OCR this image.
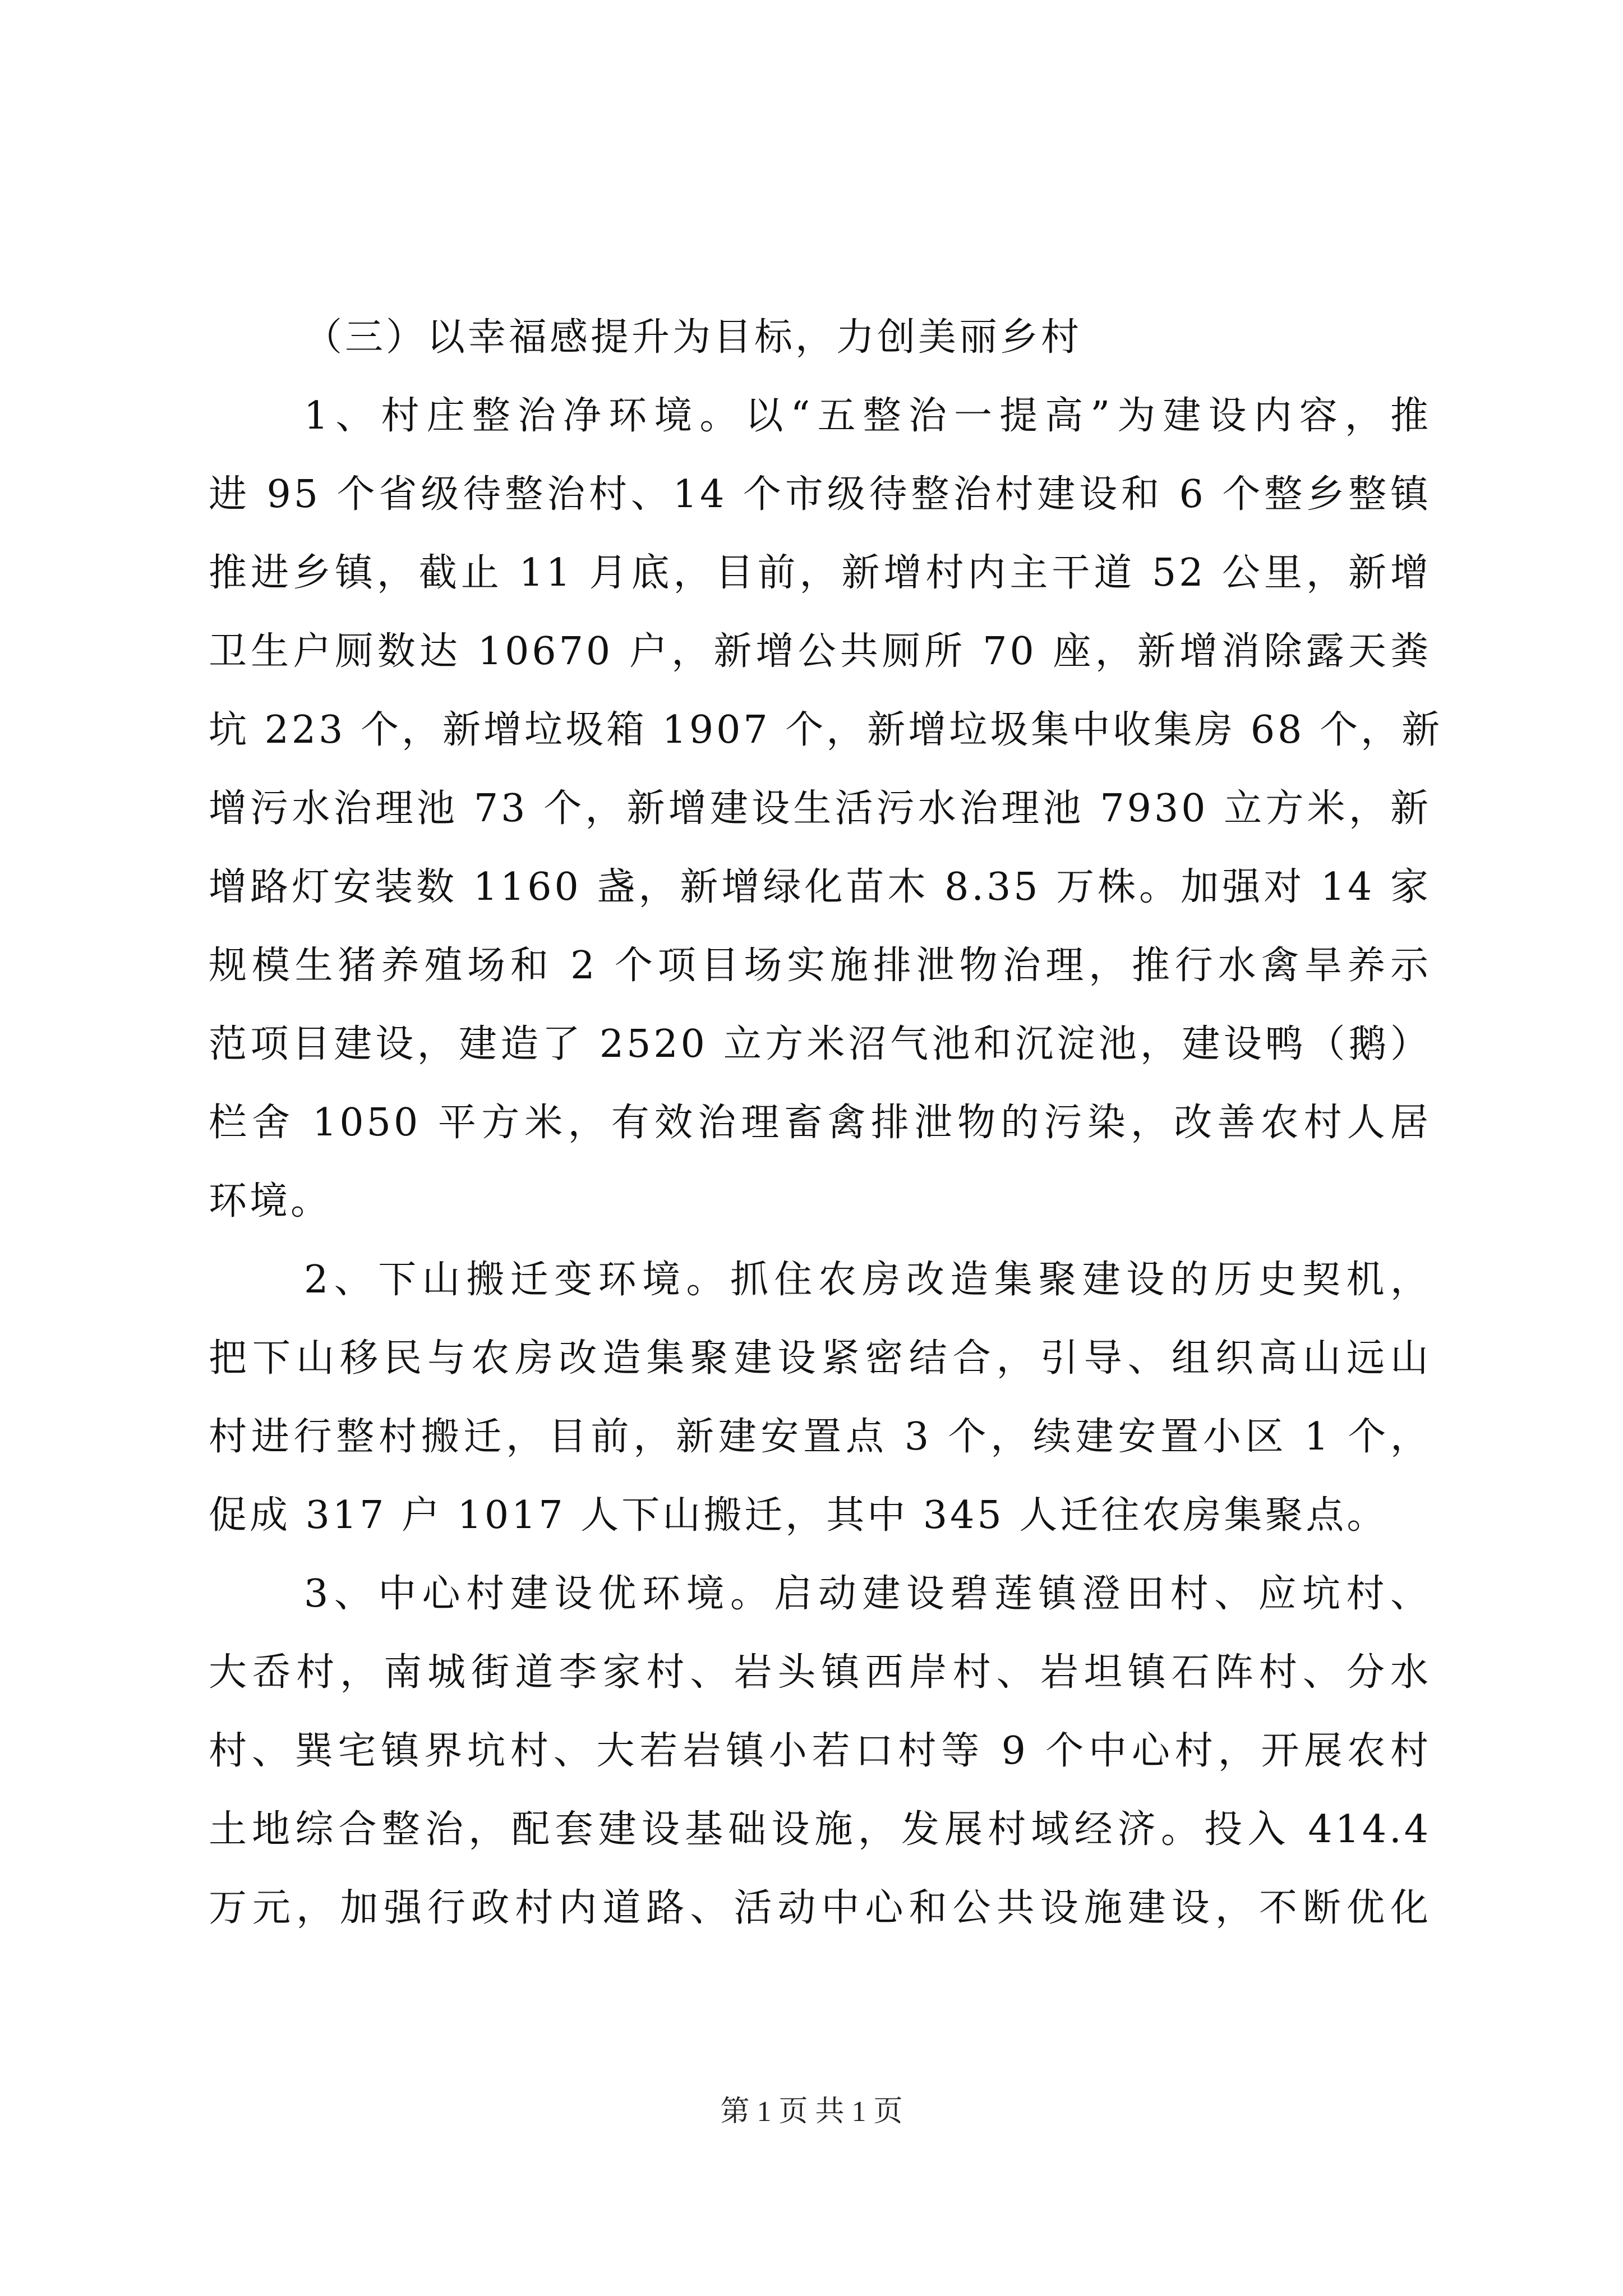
（三）以幸福感提升为目标，力创美丽乡村
1、村庄整治净环境。以“五整治一提高”为建设内容，推
进 95 个省级待整治村、14 个市级待整治村建设和 6 个整乡整镇
推进乡镇，截止 11 月底，目前，新增村内主干道 52 公里，新增
卫生户厕数达 10670 户，新增公共厕所 70 座，新增消除露天粪
坑 223 个，新增垃圾箱 1907 个，新增垃圾集中收集房 68 个，新
增污水治理池 73 个，新增建设生活污水治理池 7930 立方米，新
增路灯安装数 1160 盏，新增绿化苗木 8.35 万株。加强对 14 家
规模生猪养殖场和 2 个项目场实施排泄物治理，推行水禽旱养示
范项目建设，建造了 2520 立方米沼气池和沉淀池，建设鸭（鹅）
栏舍 1050 平方米，有效治理畜禽排泄物的污染，改善农村人居
环境。
2、下山搬迁变环境。抓住农房改造集聚建设的历史契机，
把下山移民与农房改造集聚建设紧密结合，引导、组织高山远山
村进行整村搬迁，目前，新建安置点 3 个，续建安置小区 1 个，
促成 317 户 1017 人下山搬迁，其中 345 人迁往农房集聚点。
3、中心村建设优环境。启动建设碧莲镇澄田村、应坑村、
大岙村，南城街道李家村、岩头镇西岸村、岩坦镇石阵村、分水
村、巽宅镇界坑村、大若岩镇小若口村等 9 个中心村，开展农村
土地综合整治，配套建设基础设施，发展村域经济。投入 414.4
万元，加强行政村内道路、活动中心和公共设施建设，不断优化
第 1 页 共 1 页
